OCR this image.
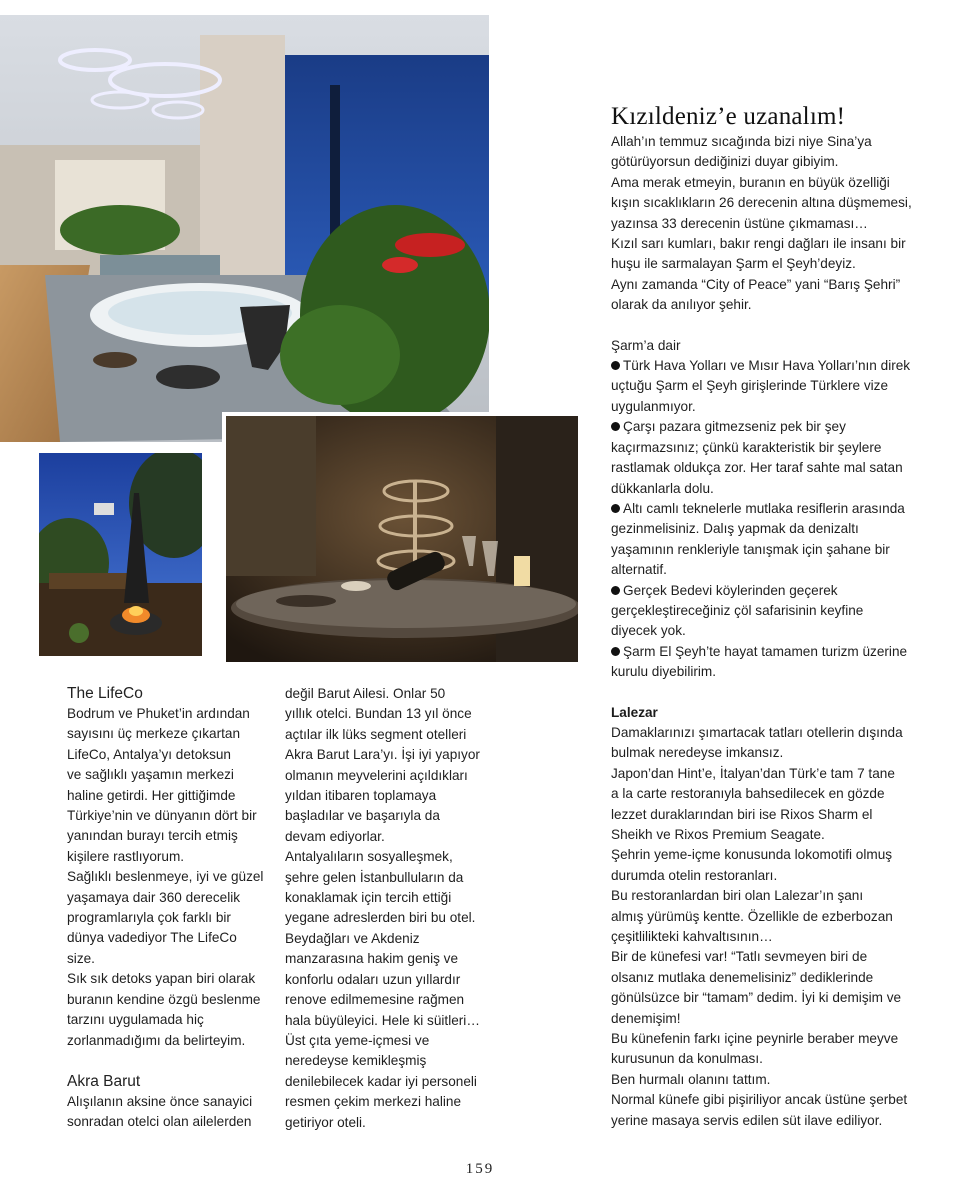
The LifeCo

Bodrum ve Phuket’in ardından

sayısını üç merkeze çıkartan

LifeCo, Antalya’yı detoksun

ve sağlıklı yaşamın merkezi

haline getirdi. Her gittiğimde

Türkiye’nin ve dünyanın dört bir

yanından burayı tercih etmiş

kişilere rastlıyorum.

Sağlıklı beslenmeye, iyi ve güzel

yaşamaya dair 360 derecelik

programlarıyla çok farklı bir

dünya vadediyor The LifeCo

size.

Sık sık detoks yapan biri olarak

buranın kendine özgü beslenme

tarzını uygulamada hiç

zorlanmadığımı da belirteyim.

Akra Barut

Alışılanın aksine önce sanayici

sonradan otelci olan ailelerden

değil Barut Ailesi. Onlar 50

yıllık otelci. Bundan 13 yıl önce

açtılar ilk lüks segment otelleri

Akra Barut Lara’yı. İşi iyi yapıyor

olmanın meyvelerini açıldıkları

yıldan itibaren toplamaya

başladılar ve başarıyla da

devam ediyorlar.

Antalyalıların sosyalleşmek,

şehre gelen İstanbulluların da

konaklamak için tercih ettiği

yegane adreslerden biri bu otel.

Beydağları ve Akdeniz

manzarasına hakim geniş ve

konforlu odaları uzun yıllardır

renove edilmemesine rağmen

hala büyüleyici. Hele ki süitleri…

Üst çıta yeme-içmesi ve

neredeyse kemikleşmiş

denilebilecek kadar iyi personeli

resmen çekim merkezi haline

getiriyor oteli.

Kızıldeniz’e uzanalım!

Allah’ın temmuz sıcağında bizi niye Sina’ya

götürüyorsun dediğinizi duyar gibiyim.

Ama merak etmeyin, buranın en büyük özelliği

kışın sıcaklıkların 26 derecenin altına düşmemesi,

yazınsa 33 derecenin üstüne çıkmaması…

Kızıl sarı kumları, bakır rengi dağları ile insanı bir

huşu ile sarmalayan Şarm el Şeyh’deyiz.

Aynı zamanda “City of Peace” yani “Barış Şehri”

olarak da anılıyor şehir.

Şarm’a dair

Türk Hava Yolları ve Mısır Hava Yolları’nın direk

uçtuğu Şarm el Şeyh girişlerinde Türklere vize

uygulanmıyor.

Çarşı pazara gitmezseniz pek bir şey

kaçırmazsınız; çünkü karakteristik bir şeylere

rastlamak oldukça zor. Her taraf sahte mal satan

dükkanlarla dolu.

Altı camlı teknelerle mutlaka resiflerin arasında

gezinmelisiniz. Dalış yapmak da denizaltı

yaşamının renkleriyle tanışmak için şahane bir

alternatif.

Gerçek Bedevi köylerinden geçerek

gerçekleştireceğiniz çöl safarisinin keyfine

diyecek yok.

Şarm El Şeyh’te hayat tamamen turizm üzerine

kurulu diyebilirim.

Lalezar

Damaklarınızı şımartacak tatları otellerin dışında

bulmak neredeyse imkansız.

Japon’dan Hint’e, İtalyan’dan Türk’e tam 7 tane

a la carte restoranıyla bahsedilecek en gözde

lezzet duraklarından biri ise Rixos Sharm el

Sheikh ve Rixos Premium Seagate.

Şehrin yeme-içme konusunda lokomotifi olmuş

durumda otelin restoranları.

Bu restoranlardan biri olan Lalezar’ın şanı

almış yürümüş kentte. Özellikle de ezberbozan

çeşitlilikteki kahvaltısının…

Bir de künefesi var! “Tatlı sevmeyen biri de

olsanız mutlaka denemelisiniz” dediklerinde

gönülsüzce bir “tamam” dedim. İyi ki demişim ve

denemişim!

Bu künefenin farkı içine peynirle beraber meyve

kurusunun da konulması.

Ben hurmalı olanını tattım.

Normal künefe gibi pişiriliyor ancak üstüne şerbet

yerine masaya servis edilen süt ilave ediliyor.

159
